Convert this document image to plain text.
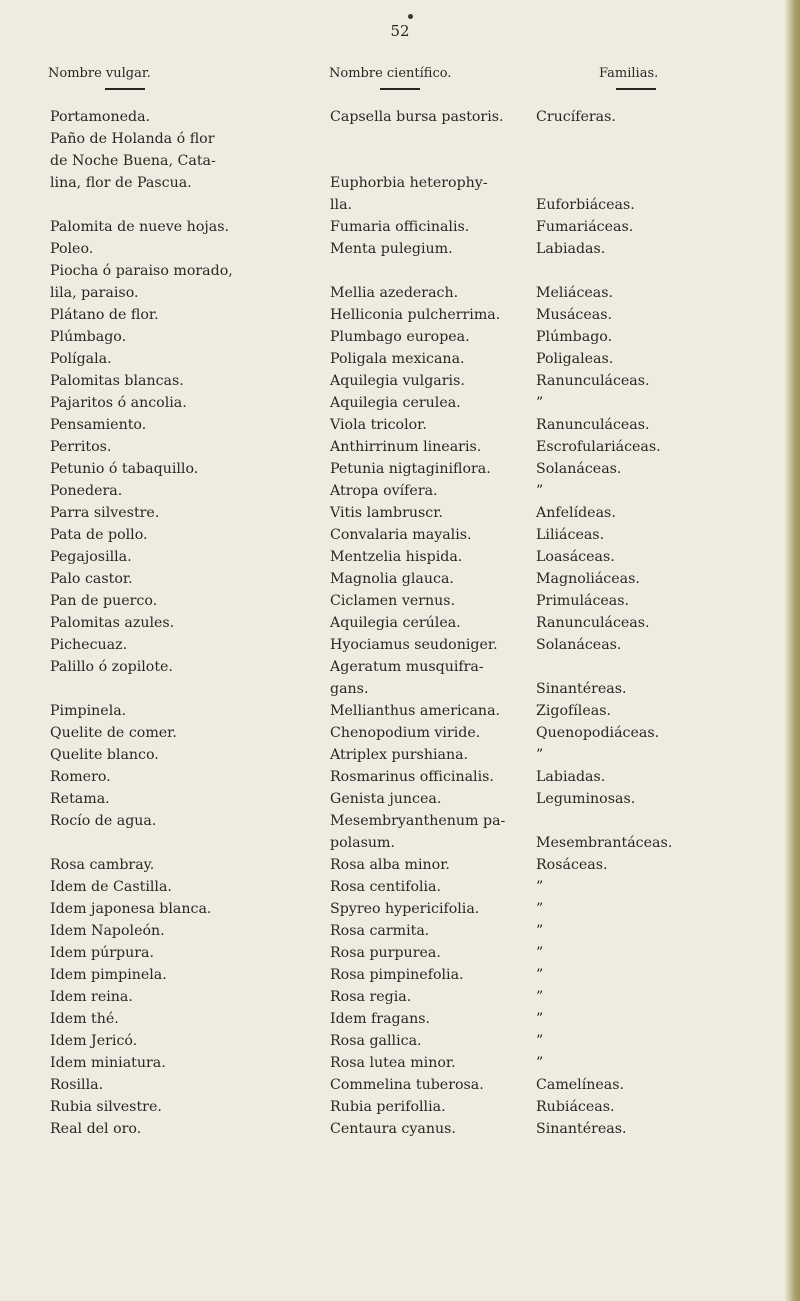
52
Nombre vulgar.	Nombre científico.	Familias.
Portamoneda.	Capsella bursa pastoris.	Crucíferas.
Paño de Holanda ó flor
de Noche Buena, Cata-
lina, flor de Pascua.	Euphorbia heterophy-
lla.	Euforbiáceas.
Palomita de nueve hojas.	Fumaria officinalis.	Fumariáceas.
Poleo.	Menta pulegium.	Labiadas.
Piocha ó paraiso morado,
lila, paraiso.	Mellia azederach.	Meliáceas.
Plátano de flor.	Helliconia pulcherrima.	Musáceas.
Plúmbago.	Plumbago europea.	Plúmbago.
Polígala.	Poligala mexicana.	Poligaleas.
Palomitas blancas.	Aquilegia vulgaris.	Ranunculáceas.
Pajaritos ó ancolia.	Aquilegia cerulea.	”
Pensamiento.	Viola tricolor.	Ranunculáceas.
Perritos.	Anthirrinum linearis.	Escrofulariáceas.
Petunio ó tabaquillo.	Petunia nigtaginiflora.	Solanáceas.
Ponedera.	Atropa ovífera.	”
Parra silvestre.	Vitis lambruscr.	Anfelídeas.
Pata de pollo.	Convalaria mayalis.	Liliáceas.
Pegajosilla.	Mentzelia hispida.	Loasáceas.
Palo castor.	Magnolia glauca.	Magnoliáceas.
Pan de puerco.	Ciclamen vernus.	Primuláceas.
Palomitas azules.	Aquilegia cerúlea.	Ranunculáceas.
Pichecuaz.	Hyociamus seudoniger.	Solanáceas.
Palillo ó zopilote.	Ageratum musquifra-
gans.	Sinantéreas.
Pimpinela.	Mellianthus americana.	Zigofíleas.
Quelite de comer.	Chenopodium viride.	Quenopodiáceas.
Quelite blanco.	Atriplex purshiana.	”
Romero.	Rosmarinus officinalis.	Labiadas.
Retama.	Genista juncea.	Leguminosas.
Rocío de agua.	Mesembryanthenum pa-
polasum.	Mesembrantáceas.
Rosa cambray.	Rosa alba minor.	Rosáceas.
Idem de Castilla.	Rosa centifolia.	”
Idem japonesa blanca.	Spyreo hypericifolia.	”
Idem Napoleón.	Rosa carmita.	”
Idem púrpura.	Rosa purpurea.	”
Idem pimpinela.	Rosa pimpinefolia.	”
Idem reina.	Rosa regia.	”
Idem thé.	Idem fragans.	”
Idem Jericó.	Rosa gallica.	”
Idem miniatura.	Rosa lutea minor.	”
Rosilla.	Commelina tuberosa.	Camelíneas.
Rubia silvestre.	Rubia perifollia.	Rubiáceas.
Real del oro.	Centaura cyanus.	Sinantéreas.
